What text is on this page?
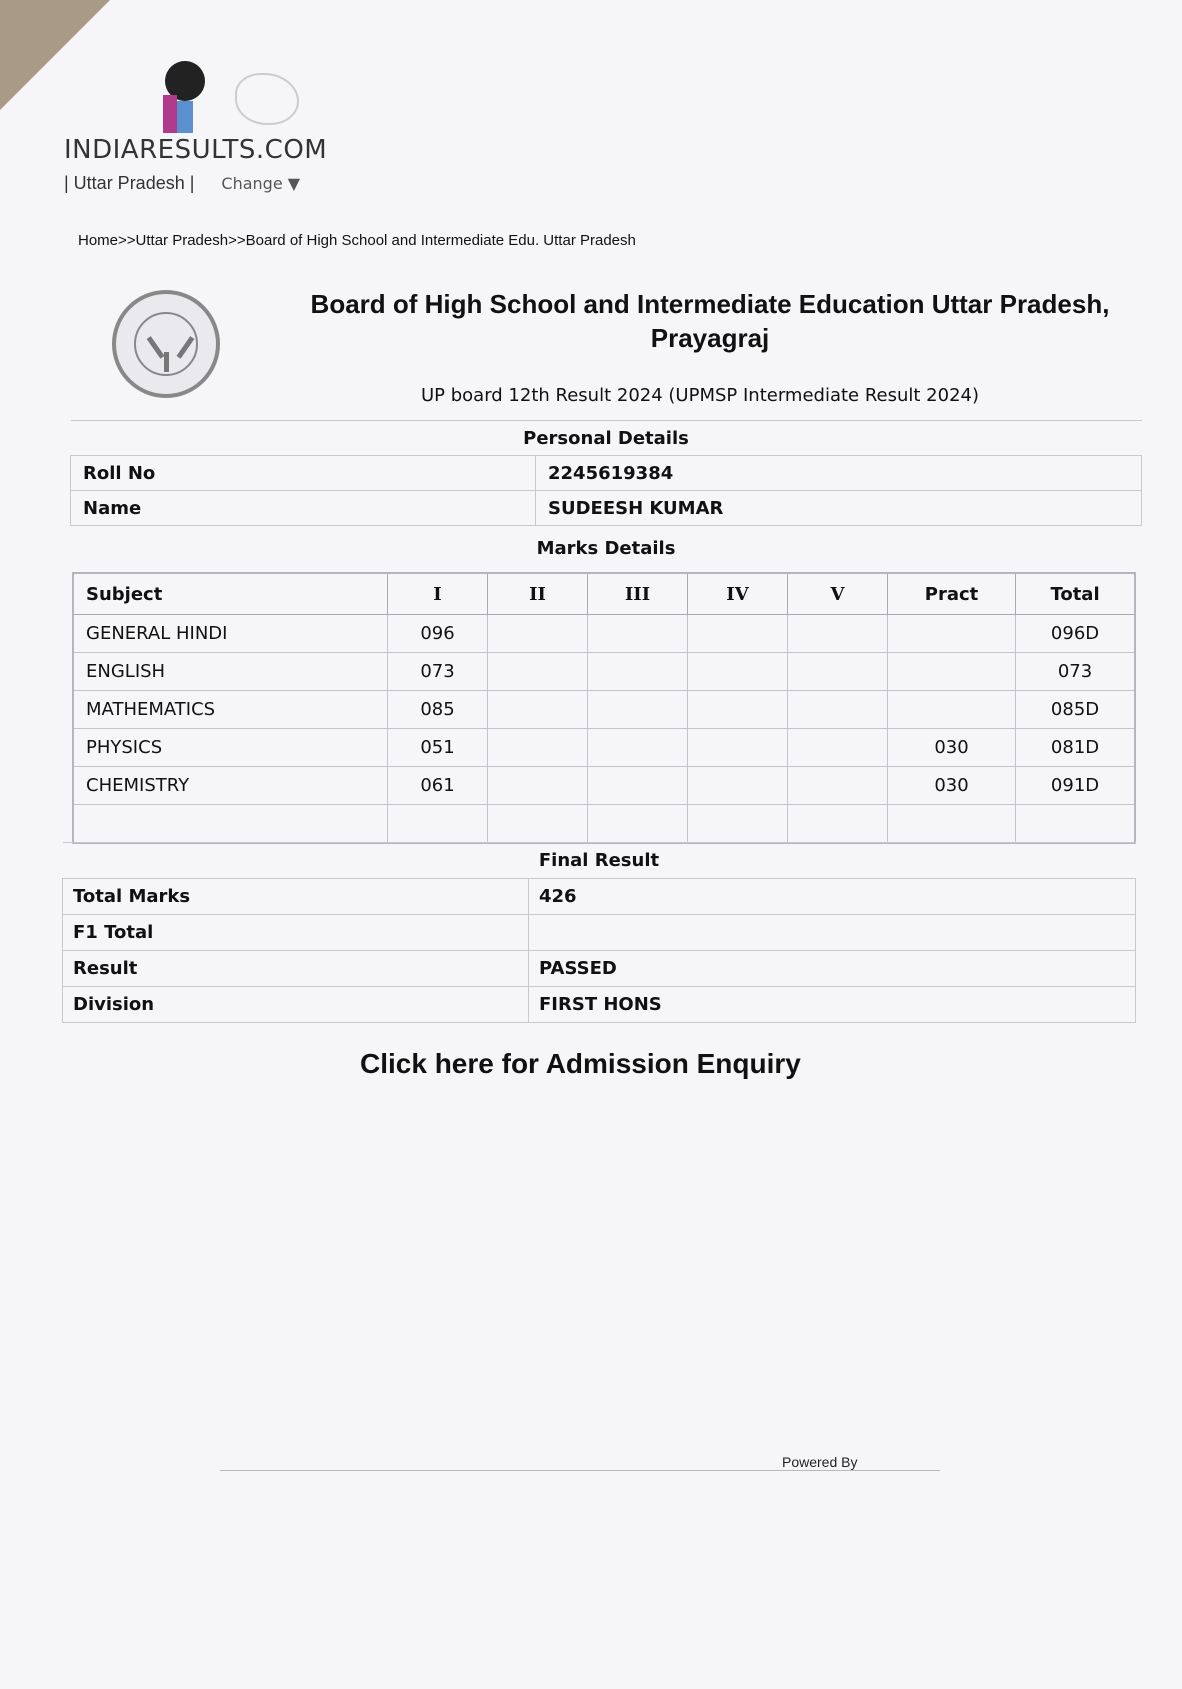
INDIARESULTS.COM
| Uttar Pradesh | Change ▼
Home>>Uttar Pradesh>>Board of High School and Intermediate Edu. Uttar Pradesh
Board of High School and Intermediate Education Uttar Pradesh, Prayagraj
UP board 12th Result 2024 (UPMSP Intermediate Result 2024)
Personal Details	
Roll No	2245619384
Name	SUDEESH KUMAR
Marks Details
Subject	I	II	III	IV	V	Pract	Total
GENERAL HINDI	096						096D
ENGLISH	073						073
MATHEMATICS	085						085D
PHYSICS	051					030	081D
CHEMISTRY	061					030	091D

Final Result	
Total Marks	426
F1 Total	
Result	PASSED
Division	FIRST HONS
Click here for Admission Enquiry
Powered By
